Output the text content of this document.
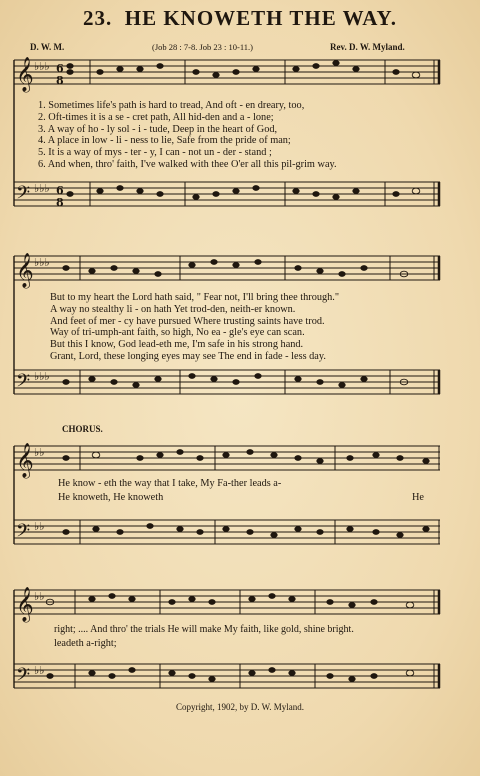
23. HE KNOWETH THE WAY.
D. W. M.	(Job 28 : 7-8. Job 23 : 10-11.)	Rev. D. W. Myland.
𝄞
𝄢
𝄞
𝄢
𝄞
𝄢
𝄞
𝄢
♭♭♭
♭♭♭
♭♭♭
♭♭♭
♭♭
♭♭
♭♭
♭♭
6
8
6
8
1. Sometimes life's path is hard to tread, And oft - en dreary, too,
2. Oft-times it is a se - cret path, All hid-den and a - lone;
3. A way of ho - ly sol - i - tude, Deep in the heart of God,
4. A place in low - li - ness to lie, Safe from the pride of man;
5. It is a way of mys - ter - y, I can - not un - der - stand ;
6. And when, thro' faith, I've walked with thee O'er all this pil-grim way.
But to my heart the Lord hath said, " Fear not, I'll bring thee through."
A way no stealthy li - on hath Yet trod-den, neith-er known.
And feet of mer - cy have pursued Where trusting saints have trod.
Way of tri-umph-ant faith, so high, No ea - gle's eye can scan.
But this I know, God lead-eth me, I'm safe in his strong hand.
Grant, Lord, these longing eyes may see The end in fade - less day.
CHORUS.
He know - eth the way that I take, My Fa-ther leads a-
He knoweth, He knoweth	He
right; .... And thro' the trials He will make My faith, like gold, shine bright.
leadeth a-right;
Copyright, 1902, by D. W. Myland.
